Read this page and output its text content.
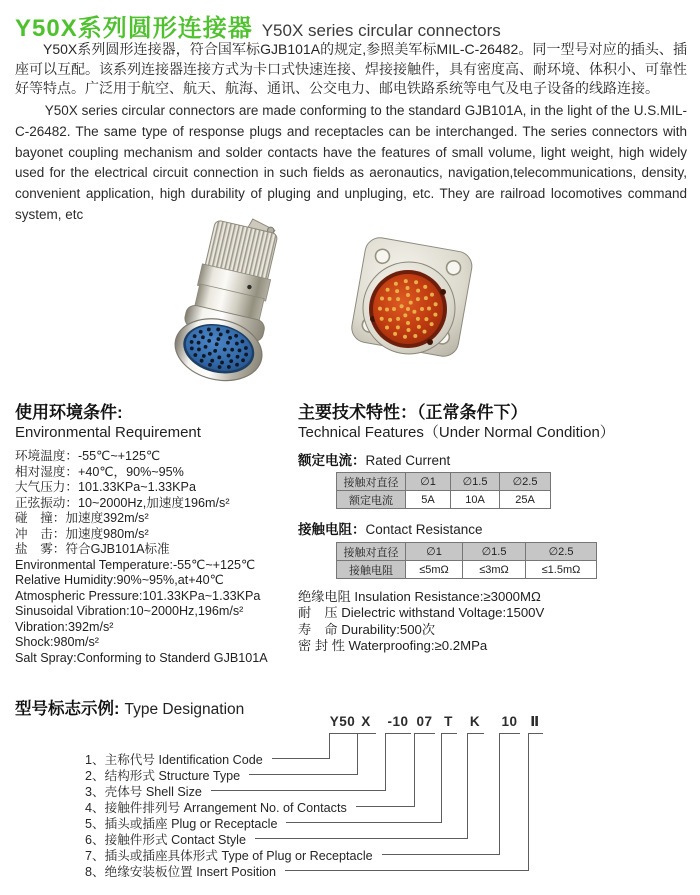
Y50X系列圆形连接器 Y50X series circular connectors

Y50X系列圆形连接器，符合国军标GJB101A的规定,参照美军标MIL-C-26482。同一型号对应的插头、插座可以互配。该系列连接器连接方式为卡口式快速连接、焊接接触件，具有密度高、耐环境、体积小、可靠性好等特点。广泛用于航空、航天、航海、通讯、公交电力、邮电铁路系统等电气及电子设备的线路连接。

Y50X series circular connectors are made conforming to the standard GJB101A, in the light of the U.S.MIL-C-26482. The same type of response plugs and receptacles can be interchanged. The series connectors with bayonet coupling mechanism and solder contacts have the features of small volume, light weight, high widely used for the electrical circuit connection in such fields as aeronautics, navigation,telecommunications, density, convenient application, high durability of pluging and unpluging, etc. They are railroad locomotives command system, etc

使用环境条件:
Environmental Requirement
环境温度：-55℃~+125℃
相对湿度：+40℃，90%~95%
大气压力：101.33KPa~1.33KPa
正弦振动：10~2000Hz,加速度196m/s²
碰　撞：加速度392m/s²
冲　击：加速度980m/s²
盐　雾：符合GJB101A标准
Environmental Temperature:-55℃~+125℃
Relative Humidity:90%~95%,at+40℃
Atmospheric Pressure:101.33KPa~1.33KPa
Sinusoidal Vibration:10~2000Hz,196m/s²
Vibration:392m/s²
Shock:980m/s²
Salt Spray:Conforming to Standerd GJB101A
主要技术特性：（正常条件下）
Technical Features（Under Normal Condition）
额定电流：Rated Current
接触对直径	∅1	∅1.5	∅2.5
额定电流	5A	10A	25A
接触电阻：Contact Resistance
接触对直径	∅1	∅1.5	∅2.5
接触电阻	≤5mΩ	≤3mΩ	≤1.5mΩ
绝缘电阻 Insulation Resistance:≥3000MΩ
耐　压 Dielectric withstand Voltage:1500V
寿　命 Durability:500次
密 封 性 Waterproofing:≥0.2MPa
型号标志示例: Type Designation
Y50 X	-10 07 T	K	10 Ⅱ
1、主称代号 Identification Code
2、结构形式 Structure Type
3、壳体号 Shell Size
4、接触件排列号 Arrangement No. of Contacts
5、插头或插座 Plug or Receptacle
6、接触件形式 Contact Style
7、插头或插座具体形式 Type of Plug or Receptacle
8、绝缘安装板位置 Insert Position
